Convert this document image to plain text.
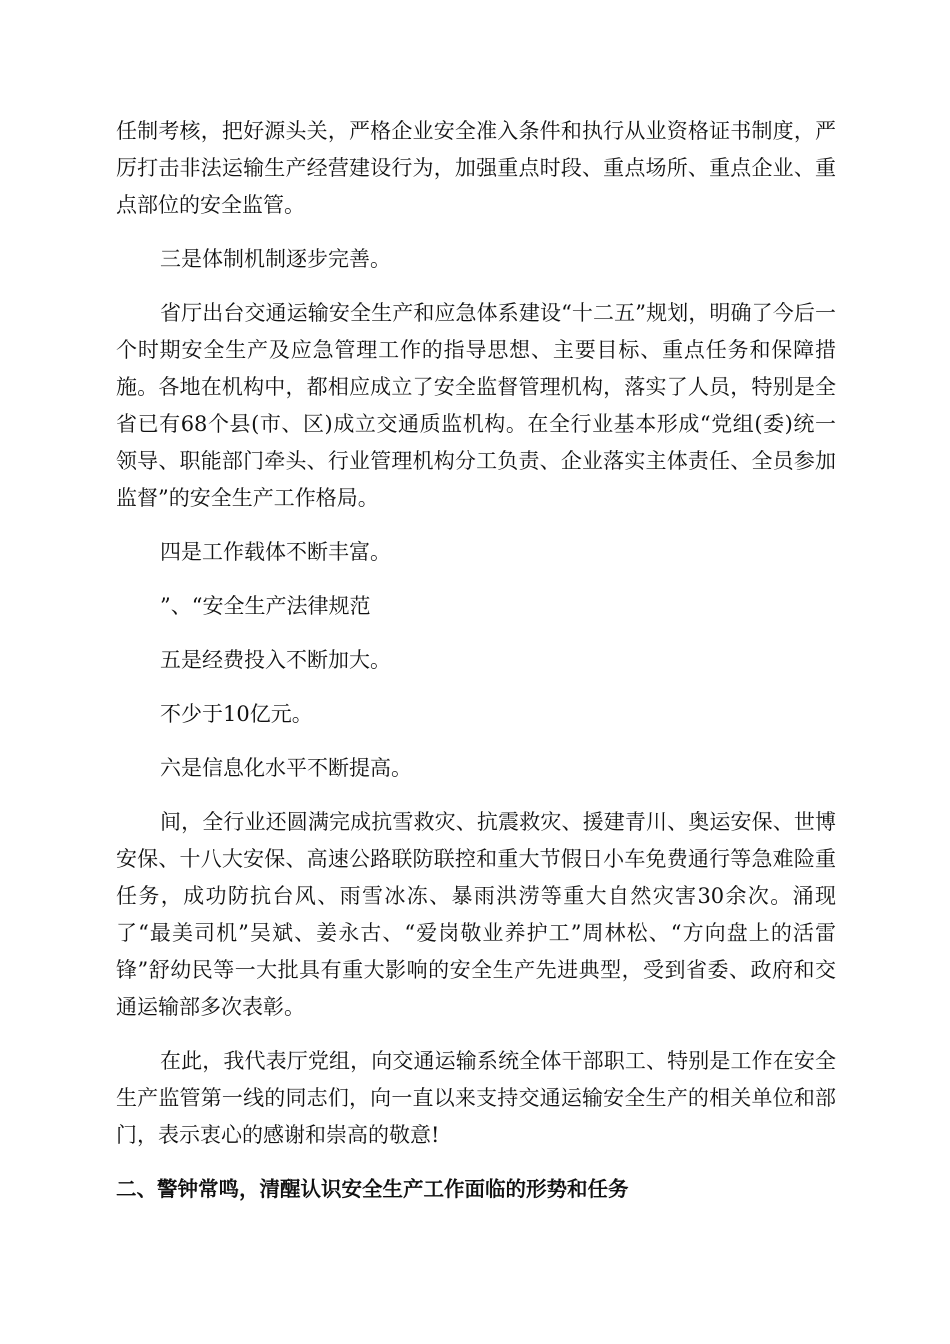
任制考核，把好源头关，严格企业安全准入条件和执行从业资格证书制度，严厉打击非法运输生产经营建设行为，加强重点时段、重点场所、重点企业、重点部位的安全监管。

三是体制机制逐步完善。

省厅出台交通运输安全生产和应急体系建设“十二五”规划，明确了今后一个时期安全生产及应急管理工作的指导思想、主要目标、重点任务和保障措施。各地在机构中，都相应成立了安全监督管理机构，落实了人员，特别是全省已有68个县(市、区)成立交通质监机构。在全行业基本形成“党组(委)统一领导、职能部门牵头、行业管理机构分工负责、企业落实主体责任、全员参加监督”的安全生产工作格局。

四是工作载体不断丰富。

”、“安全生产法律规范

五是经费投入不断加大。

不少于10亿元。

六是信息化水平不断提高。

间，全行业还圆满完成抗雪救灾、抗震救灾、援建青川、奥运安保、世博安保、十八大安保、高速公路联防联控和重大节假日小车免费通行等急难险重任务，成功防抗台风、雨雪冰冻、暴雨洪涝等重大自然灾害30余次。涌现了“最美司机”吴斌、姜永古、“爱岗敬业养护工”周林松、“方向盘上的活雷锋”舒幼民等一大批具有重大影响的安全生产先进典型，受到省委、政府和交通运输部多次表彰。

在此，我代表厅党组，向交通运输系统全体干部职工、特别是工作在安全生产监管第一线的同志们，向一直以来支持交通运输安全生产的相关单位和部门，表示衷心的感谢和崇高的敬意!

二、警钟常鸣，清醒认识安全生产工作面临的形势和任务
